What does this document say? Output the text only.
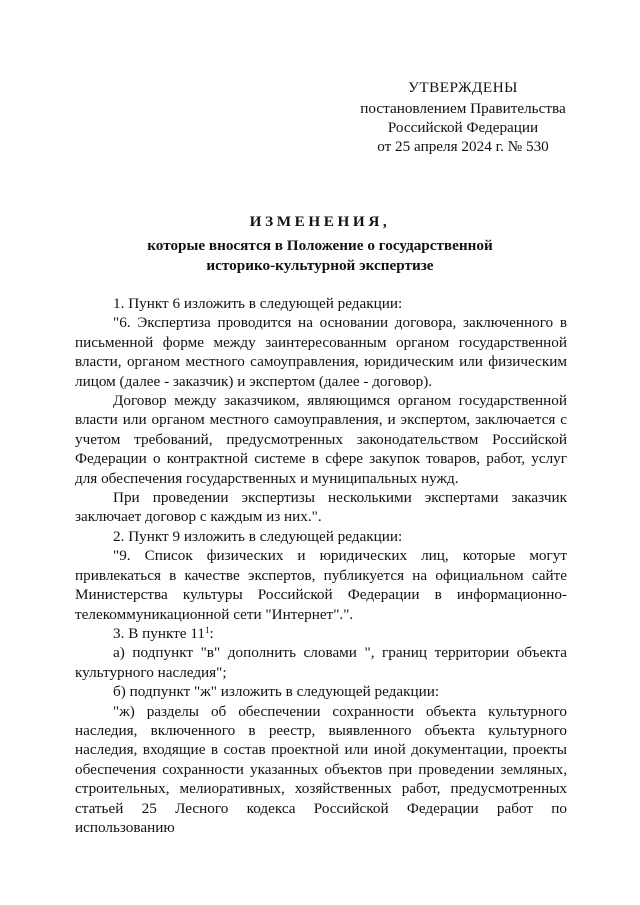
УТВЕРЖДЕНЫ
постановлением Правительства
Российской Федерации
от 25 апреля 2024 г. № 530
ИЗМЕНЕНИЯ,
которые вносятся в Положение о государственной
историко-культурной экспертизе

1. Пункт 6 изложить в следующей редакции:

"6. Экспертиза проводится на основании договора, заключенного в письменной форме между заинтересованным органом государственной власти, органом местного самоуправления, юридическим или физическим лицом (далее - заказчик) и экспертом (далее - договор).

Договор между заказчиком, являющимся органом государственной власти или органом местного самоуправления, и экспертом, заключается с учетом требований, предусмотренных законодательством Российской Федерации о контрактной системе в сфере закупок товаров, работ, услуг для обеспечения государственных и муниципальных нужд.

При проведении экспертизы несколькими экспертами заказчик заключает договор с каждым из них.".

2. Пункт 9 изложить в следующей редакции:

"9. Список физических и юридических лиц, которые могут привлекаться в качестве экспертов, публикуется на официальном сайте Министерства культуры Российской Федерации в информационно-телекоммуникационной сети "Интернет".".

3. В пункте $11^1$:

а) подпункт "в" дополнить словами ", границ территории объекта культурного наследия";

б) подпункт "ж" изложить в следующей редакции:

"ж) разделы об обеспечении сохранности объекта культурного наследия, включенного в реестр, выявленного объекта культурного наследия, входящие в состав проектной или иной документации, проекты обеспечения сохранности указанных объектов при проведении земляных, строительных, мелиоративных, хозяйственных работ, предусмотренных статьей 25 Лесного кодекса Российской Федерации работ по использованию
